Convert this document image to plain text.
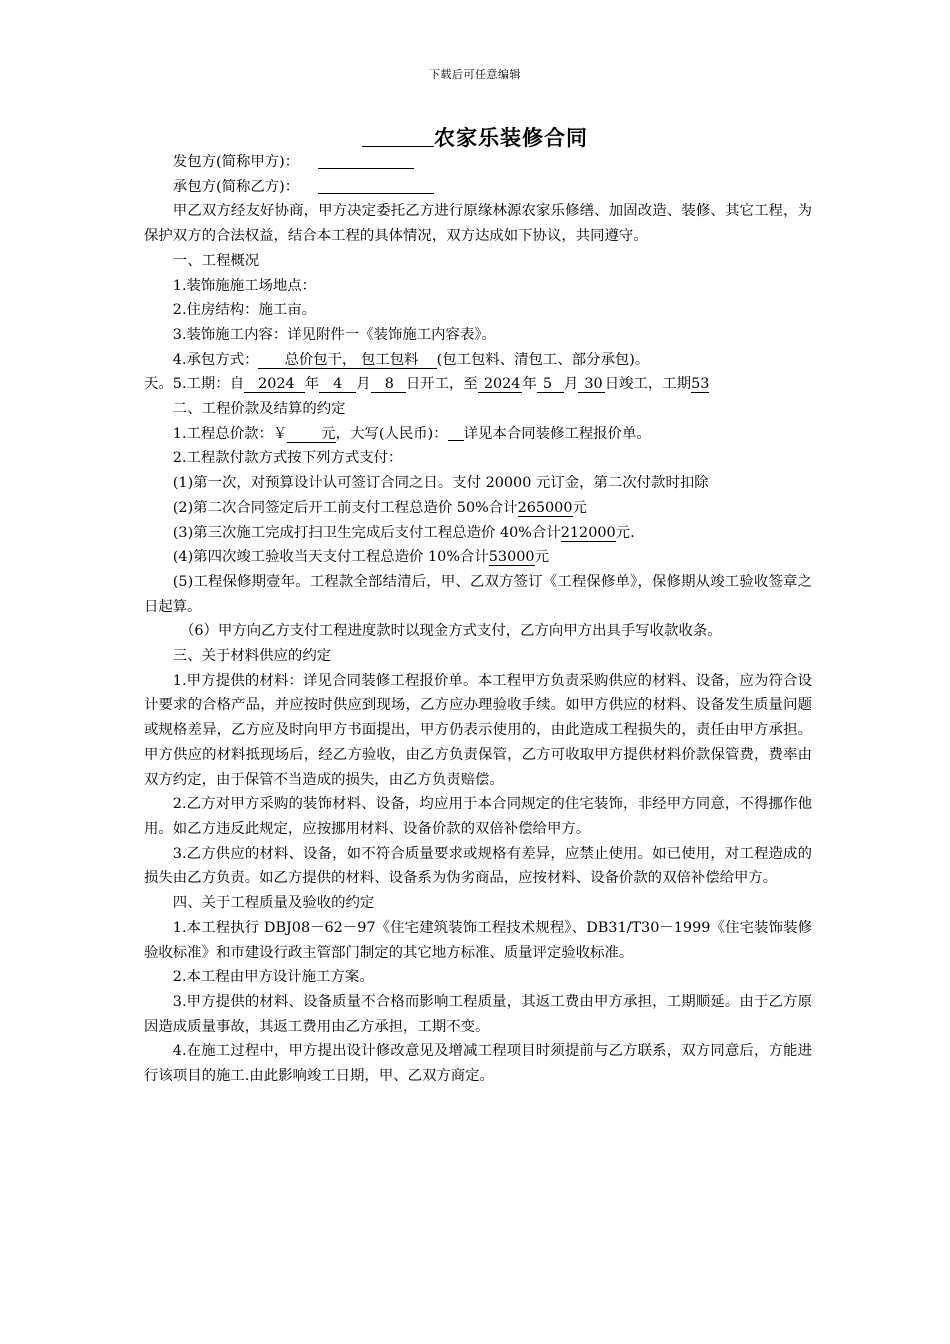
下载后可任意编辑
农家乐装修合同

发包方(简称甲方)：

承包方(简称乙方)：

甲乙双方经友好协商，甲方决定委托乙方进行原缘林源农家乐修缮、加固改造、装修、其它工程，为保护双方的合法权益，结合本工程的具体情况，双方达成如下协议，共同遵守。

一、工程概况

1.装饰施施工场地点：

2.住房结构：施工亩。

3.装饰施工内容：详见附件一《装饰施工内容表》。

4.承包方式： 总价包干， 包工包料 (包工包料、清包工、部分承包)。

5.工期：自 2024 年 4 月 8 日开工，至 2024 年 5 月 30 日竣工，工期53

天。

二、工程价款及结算的约定

1.工程总价款：￥ 元，大写(人民币)： 详见本合同装修工程报价单。

2.工程款付款方式按下列方式支付：

(1)第一次，对预算设计认可签订合同之日。支付 20000 元订金，第二次付款时扣除

(2)第二次合同签定后开工前支付工程总造价 50%合计265000元

(3)第三次施工完成打扫卫生完成后支付工程总造价 40%合计212000元.

(4)第四次竣工验收当天支付工程总造价 10%合计53000元

(5)工程保修期壹年。工程款全部结清后，甲、乙双方签订《工程保修单》，保修期从竣工验收签章之日起算。

（6）甲方向乙方支付工程进度款时以现金方式支付，乙方向甲方出具手写收款收条。

三、关于材料供应的约定

1.甲方提供的材料：详见合同装修工程报价单。本工程甲方负责采购供应的材料、设备，应为符合设计要求的合格产品，并应按时供应到现场，乙方应办理验收手续。如甲方供应的材料、设备发生质量问题或规格差异，乙方应及时向甲方书面提出，甲方仍表示使用的，由此造成工程损失的，责任由甲方承担。甲方供应的材料抵现场后，经乙方验收，由乙方负责保管，乙方可收取甲方提供材料价款保管费，费率由双方约定，由于保管不当造成的损失，由乙方负责赔偿。

2.乙方对甲方采购的装饰材料、设备，均应用于本合同规定的住宅装饰，非经甲方同意，不得挪作他用。如乙方违反此规定，应按挪用材料、设备价款的双倍补偿给甲方。

3.乙方供应的材料、设备，如不符合质量要求或规格有差异，应禁止使用。如已使用，对工程造成的损失由乙方负责。如乙方提供的材料、设备系为伪劣商品，应按材料、设备价款的双倍补偿给甲方。

四、关于工程质量及验收的约定

1.本工程执行 DBJ08－62－97《住宅建筑装饰工程技术规程》、DB31/T30－1999《住宅装饰装修验收标准》和市建设行政主管部门制定的其它地方标准、质量评定验收标准。

2.本工程由甲方设计施工方案。

3.甲方提供的材料、设备质量不合格而影响工程质量，其返工费由甲方承担，工期顺延。由于乙方原因造成质量事故，其返工费用由乙方承担，工期不变。

4.在施工过程中，甲方提出设计修改意见及增减工程项目时须提前与乙方联系，双方同意后，方能进行该项目的施工.由此影响竣工日期，甲、乙双方商定。
